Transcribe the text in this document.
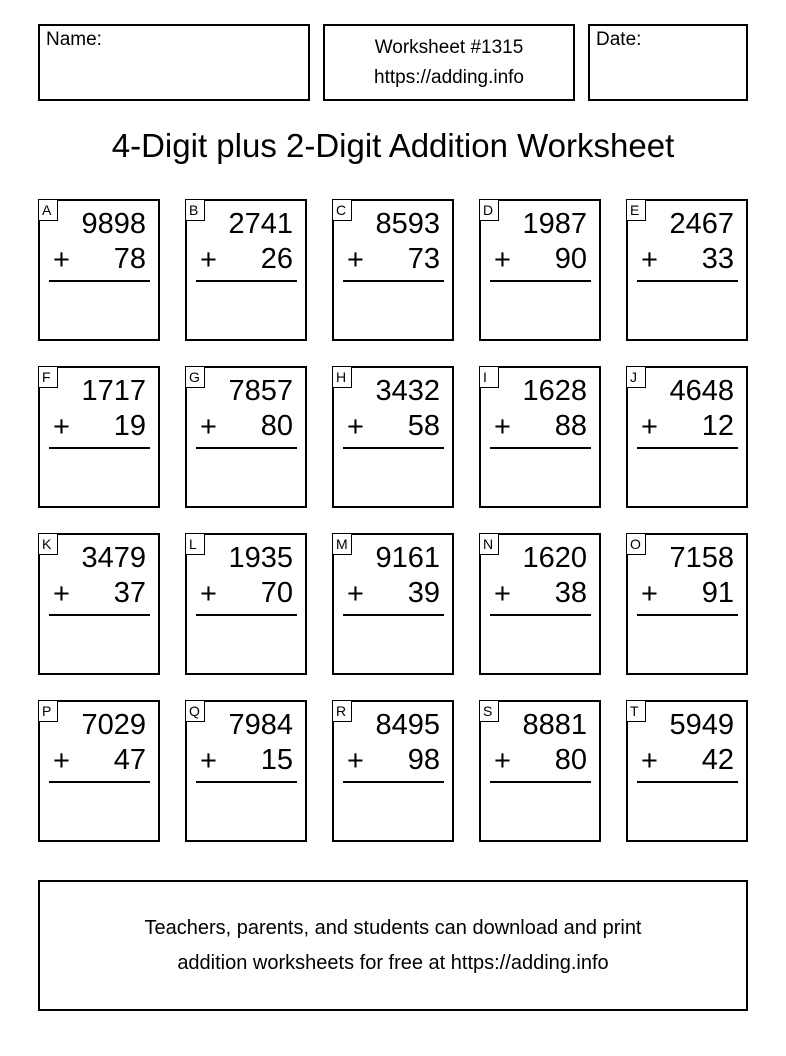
Name:	Worksheet #1315
https://adding.info
Date:
4-Digit plus 2-Digit Addition Worksheet
A 9898
+ 78
B 2741
+ 26
C 8593
+ 73
D 1987
+ 90
E 2467
+ 33
F 1717
+ 19
G 7857
+ 80
H 3432
+ 58
I	1628
+ 88
J	4648
+ 12
K 3479
+ 37
L 1935
+ 70
M 9161
+ 39
N 1620
+ 38
O 7158
+ 91
P 7029
+ 47
Q 7984
+ 15
R 8495
+ 98
S 8881
+ 80
T 5949
+ 42
Teachers, parents, and students can download and print
addition worksheets for free at https://adding.info
